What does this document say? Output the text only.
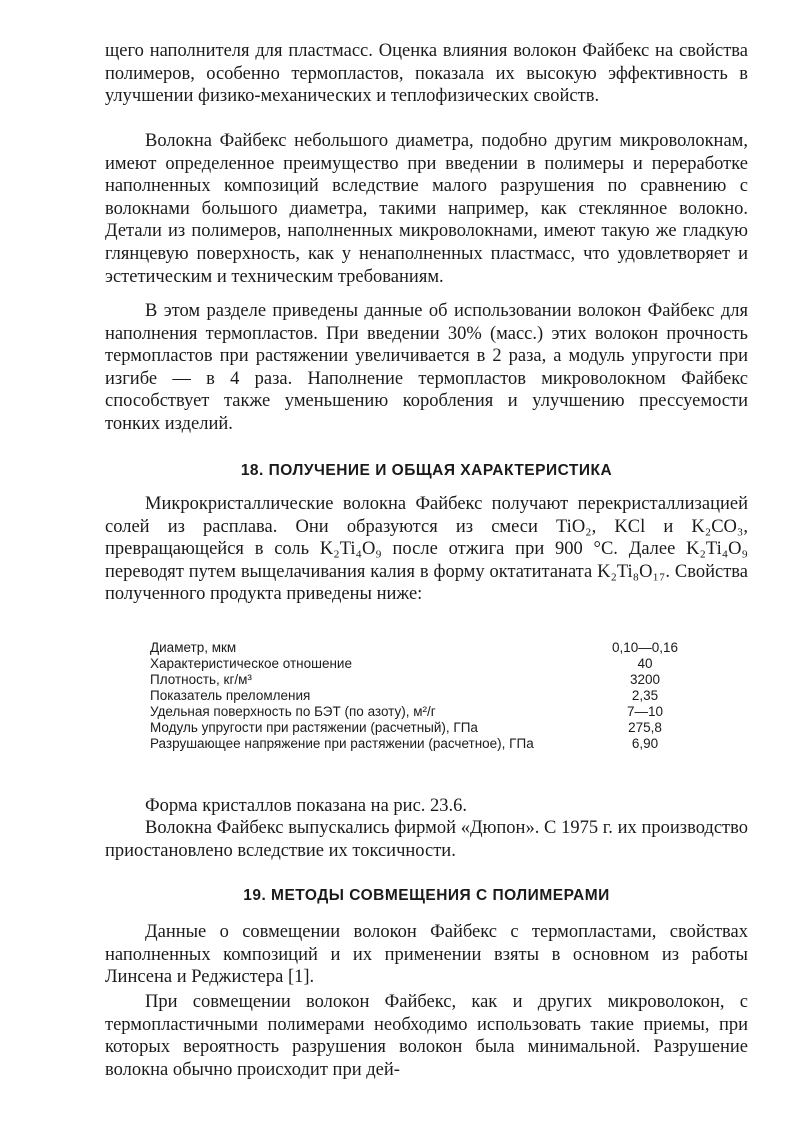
щего наполнителя для пластмасс. Оценка влияния волокон Файбекс на свойства полимеров, особенно термопластов, показала их высокую эффективность в улучшении физико-механических и теплофизических свойств.

Волокна Файбекс небольшого диаметра, подобно другим микроволокнам, имеют определенное преимущество при введении в полимеры и переработке наполненных композиций вследствие малого разрушения по сравнению с волокнами большого диаметра, такими например, как стеклянное волокно. Детали из полимеров, наполненных микроволокнами, имеют такую же гладкую глянцевую поверхность, как у ненаполненных пластмасс, что удовлетворяет и эстетическим и техническим требованиям.

В этом разделе приведены данные об использовании волокон Файбекс для наполнения термопластов. При введении 30% (масс.) этих волокон прочность термопластов при растяжении увеличивается в 2 раза, а модуль упругости при изгибе — в 4 раза. Наполнение термопластов микроволокном Файбекс способствует также уменьшению коробления и улучшению прессуемости тонких изделий.

18. ПОЛУЧЕНИЕ И ОБЩАЯ ХАРАКТЕРИСТИКА

Микрокристаллические волокна Файбекс получают перекристаллизацией солей из расплава. Они образуются из смеси TiO₂, KCl и K₂CO₃, превращающейся в соль K₂Ti₄O₉ после отжига при 900 °C. Далее K₂Ti₄O₉ переводят путем выщелачивания калия в форму октатитаната K₂Ti₈O₁₇. Свойства полученного продукта приведены ниже:

Диаметр, мкм	0,10—0,16
Характеристическое отношение	40
Плотность, кг/м³	3200
Показатель преломления	2,35
Удельная поверхность по БЭТ (по азоту), м²/г	7—10
Модуль упругости при растяжении (расчетный), ГПа	275,8

Разрушающее напряжение при растяжении (расчетное), ГПа	6,90

Форма кристаллов показана на рис. 23.6.

Волокна Файбекс выпускались фирмой «Дюпон». С 1975 г. их производство приостановлено вследствие их токсичности.

19. МЕТОДЫ СОВМЕЩЕНИЯ С ПОЛИМЕРАМИ

Данные о совмещении волокон Файбекс с термопластами, свойствах наполненных композиций и их применении взяты в основном из работы Линсена и Реджистера [1].

При совмещении волокон Файбекс, как и других микроволокон, с термопластичными полимерами необходимо использовать такие приемы, при которых вероятность разрушения волокон была минимальной. Разрушение волокна обычно происходит при дей-
